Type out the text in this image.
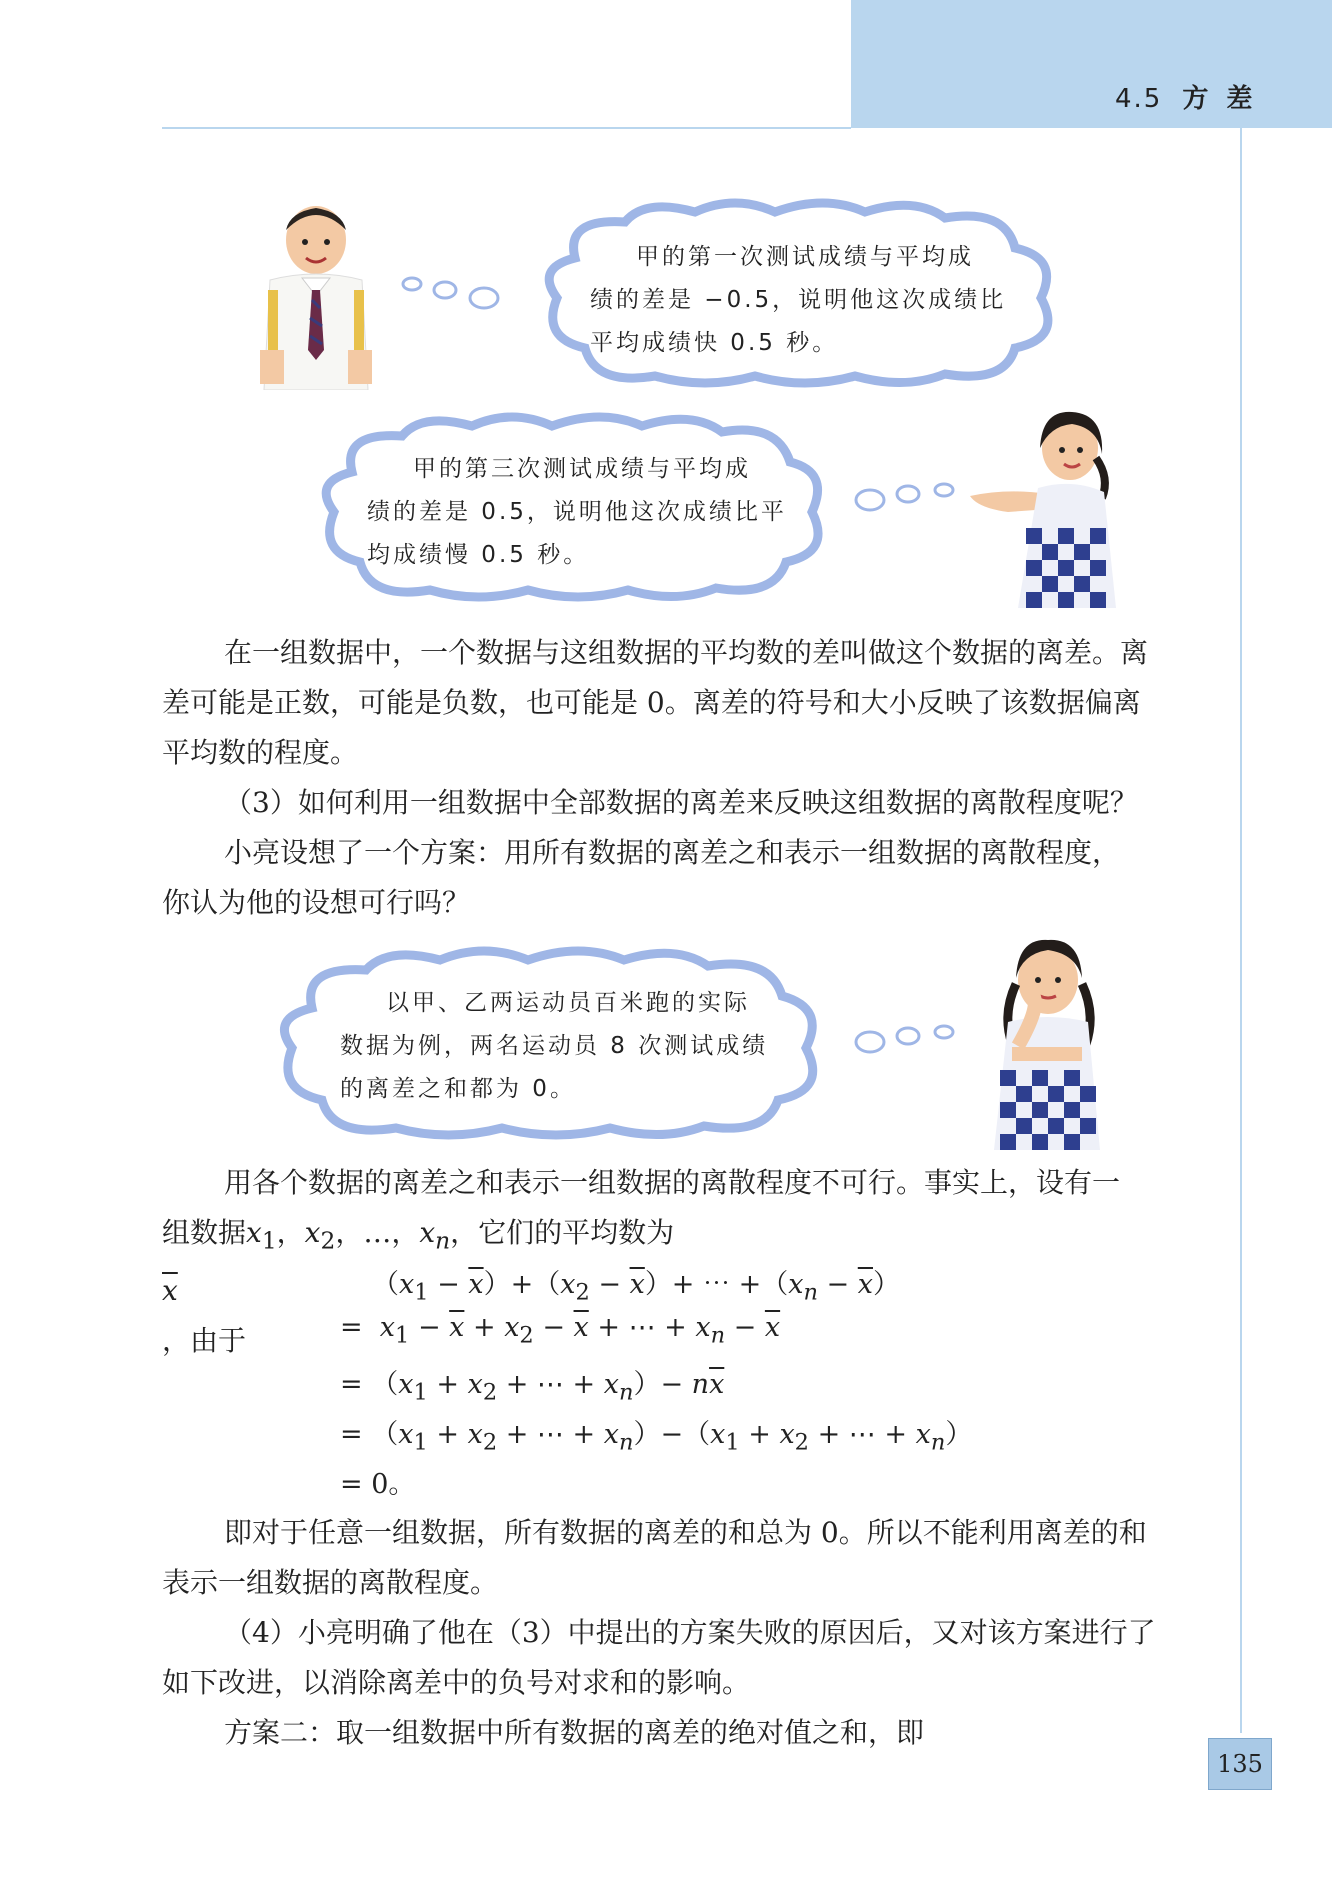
4.5 方差
甲的第一次测试成绩与平均成
绩的差是 −0.5，说明他这次成绩比
平均成绩快 0.5 秒。
甲的第三次测试成绩与平均成
绩的差是 0.5，说明他这次成绩比平
均成绩慢 0.5 秒。
在一组数据中，一个数据与这组数据的平均数的差叫做这个数据的离差。离
差可能是正数，可能是负数，也可能是 0。离差的符号和大小反映了该数据偏离
平均数的程度。
（3）如何利用一组数据中全部数据的离差来反映这组数据的离散程度呢？
小亮设想了一个方案：用所有数据的离差之和表示一组数据的离散程度，
你认为他的设想可行吗？
以甲、乙两运动员百米跑的实际
数据为例，两名运动员 8 次测试成绩
的离差之和都为 0。
用各个数据的离差之和表示一组数据的离散程度不可行。事实上，设有一
组数据$x_1$，$x_2$，…，$x_n$，它们的平均数为
$\overline{x}$
，由于
$(x_1 - \overline{x})+(x_2 - \overline{x})+$ ⋯ $+(x_n - \overline{x})$
=  $x_1 - \overline{x} + x_2 - \overline{x}$ + ⋯ + $x_n - \overline{x}$
= （$x_1 + x_2$ + ⋯ + $x_n)- n\overline{x}$
= （$x_1 + x_2$ + ⋯ + $x_n)-(x_1 + x_2$ + ⋯ + $x_n$）
= 0。
即对于任意一组数据，所有数据的离差的和总为 0。所以不能利用离差的和
表示一组数据的离散程度。
（4）小亮明确了他在（3）中提出的方案失败的原因后，又对该方案进行了
如下改进，以消除离差中的负号对求和的影响。
方案二：取一组数据中所有数据的离差的绝对值之和，即
135
